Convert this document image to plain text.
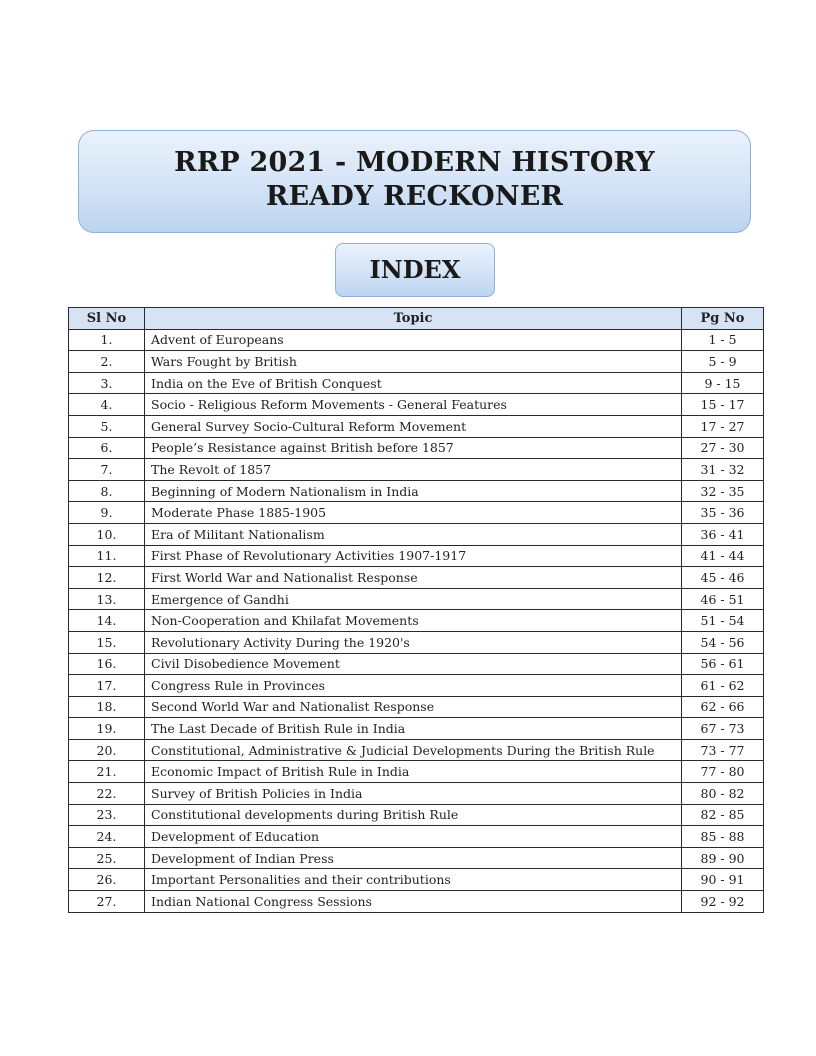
RRP 2021 - MODERN HISTORY
READY RECKONER
INDEX
Sl No	Topic	Pg No
1.	Advent of Europeans	1 - 5
2.	Wars Fought by British	5 - 9
3.	India on the Eve of British Conquest	9 - 15
4.	Socio - Religious Reform Movements - General Features	15 - 17
5.	General Survey Socio-Cultural Reform Movement	17 - 27
6.	People’s Resistance against British before 1857	27 - 30
7.	The Revolt of 1857	31 - 32
8.	Beginning of Modern Nationalism in India	32 - 35
9.	Moderate Phase 1885-1905	35 - 36
10.	Era of Militant Nationalism	36 - 41
11.	First Phase of Revolutionary Activities 1907-1917	41 - 44
12.	First World War and Nationalist Response	45 - 46
13.	Emergence of Gandhi	46 - 51
14.	Non-Cooperation and Khilafat Movements	51 - 54
15.	Revolutionary Activity During the 1920's	54 - 56
16.	Civil Disobedience Movement	56 - 61
17.	Congress Rule in Provinces	61 - 62
18.	Second World War and Nationalist Response	62 - 66
19.	The Last Decade of British Rule in India	67 - 73
20.	Constitutional, Administrative & Judicial Developments During the British Rule	73 - 77
21.	Economic Impact of British Rule in India	77 - 80
22.	Survey of British Policies in India	80 - 82
23.	Constitutional developments during British Rule	82 - 85
24.	Development of Education	85 - 88
25.	Development of Indian Press	89 - 90
26.	Important Personalities and their contributions	90 - 91
27.	Indian National Congress Sessions	92 - 92
